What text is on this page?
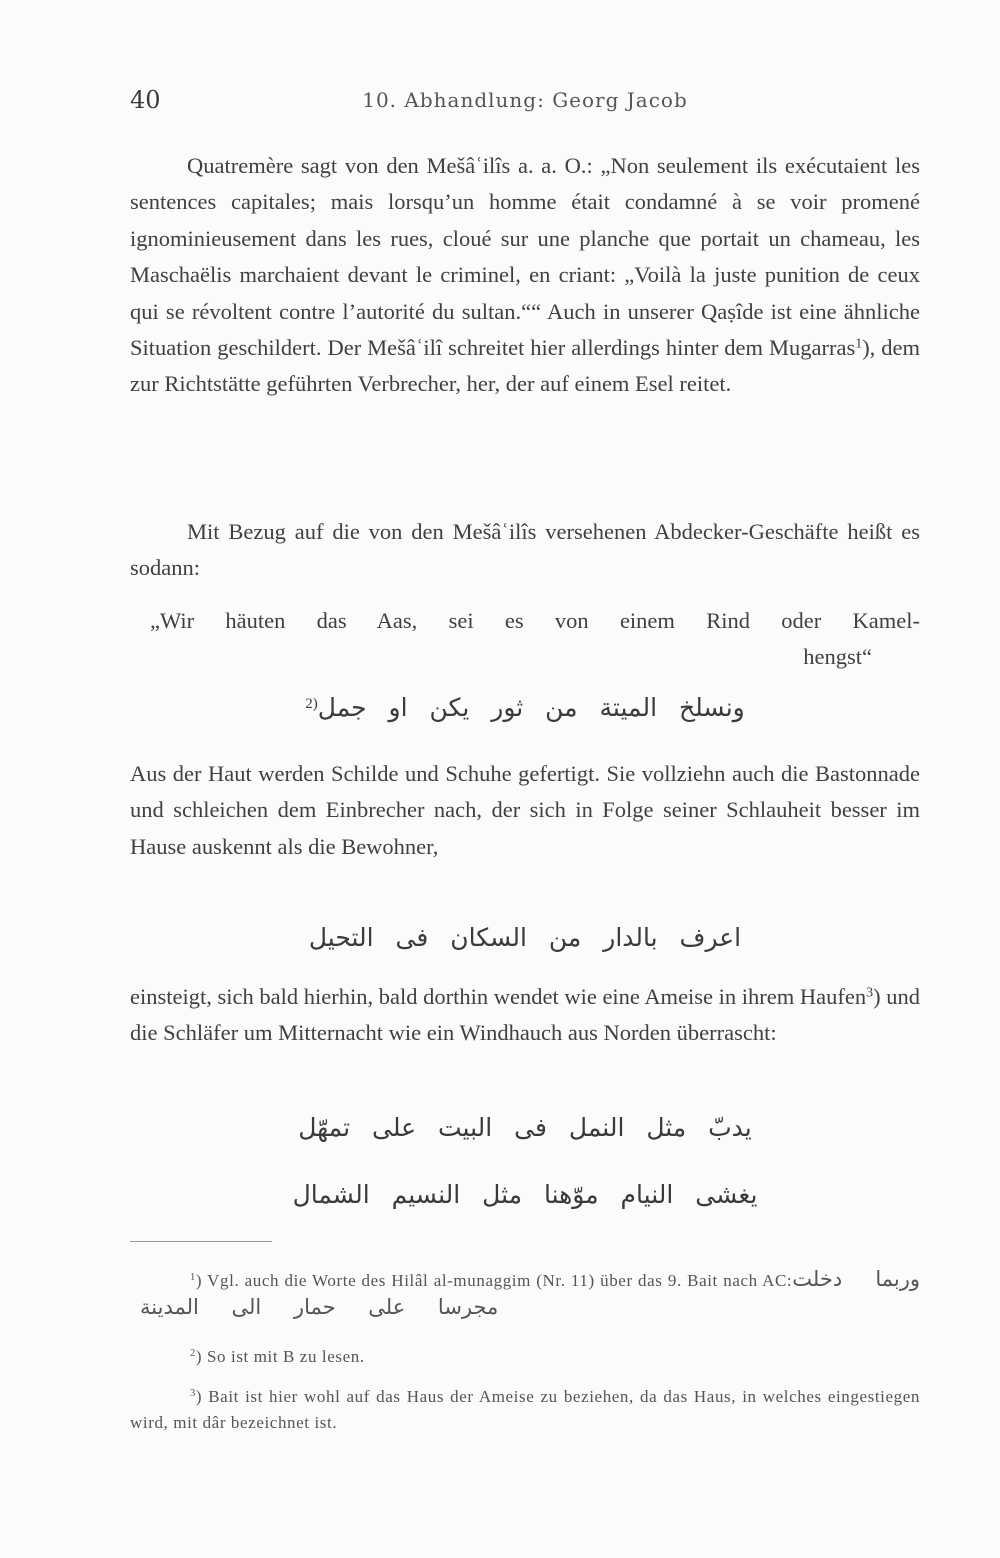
40	10. Abhandlung: Georg Jacob

Quatremère sagt von den Mešâʿilîs a. a. O.: „Non seulement ils exécutaient les sentences capitales; mais lorsqu’un homme était condamné à se voir promené ignominieusement dans les rues, cloué sur une planche que portait un chameau, les Maschaëlis marchaient devant le criminel, en criant: „Voilà la juste punition de ceux qui se révoltent contre l’autorité du sultan.““ Auch in unserer Qaṣîde ist eine ähnliche Situation geschildert. Der Mešâʿilî schreitet hier allerdings hinter dem Mugarras$^1$), dem zur Richtstätte geführten Verbrecher, her, der auf einem Esel reitet.

Mit Bezug auf die von den Mešâʿilîs versehenen Abdecker-Geschäfte heißt es sodann:

„Wir häuten das Aas, sei es von einem Rind oder Kamel-
hengst“
ونسلخ الميتة من ثور يكن او جمل$^{(2}$

Aus der Haut werden Schilde und Schuhe gefertigt. Sie vollziehn auch die Bastonnade und schleichen dem Einbrecher nach, der sich in Folge seiner Schlauheit besser im Hause auskennt als die Bewohner,

اعرف بالدار من السكان فى التحيل

einsteigt, sich bald hierhin, bald dorthin wendet wie eine Ameise in ihrem Haufen$^3$) und die Schläfer um Mitternacht wie ein Windhauch aus Norden überrascht:

يدبّ مثل النمل فى البيت على تمهّل
يغشى النيام موّهنا مثل النسيم الشمال

$^1$) Vgl. auch die Worte des Hilâl al-munaggim (Nr. 11) über das 9. Bait nach AC:وربما دخلت مجرسا على حمار الى المدينة

$^2$) So ist mit B zu lesen.

$^3$) Bait ist hier wohl auf das Haus der Ameise zu beziehen, da das Haus, in welches eingestiegen wird, mit dâr bezeichnet ist.
